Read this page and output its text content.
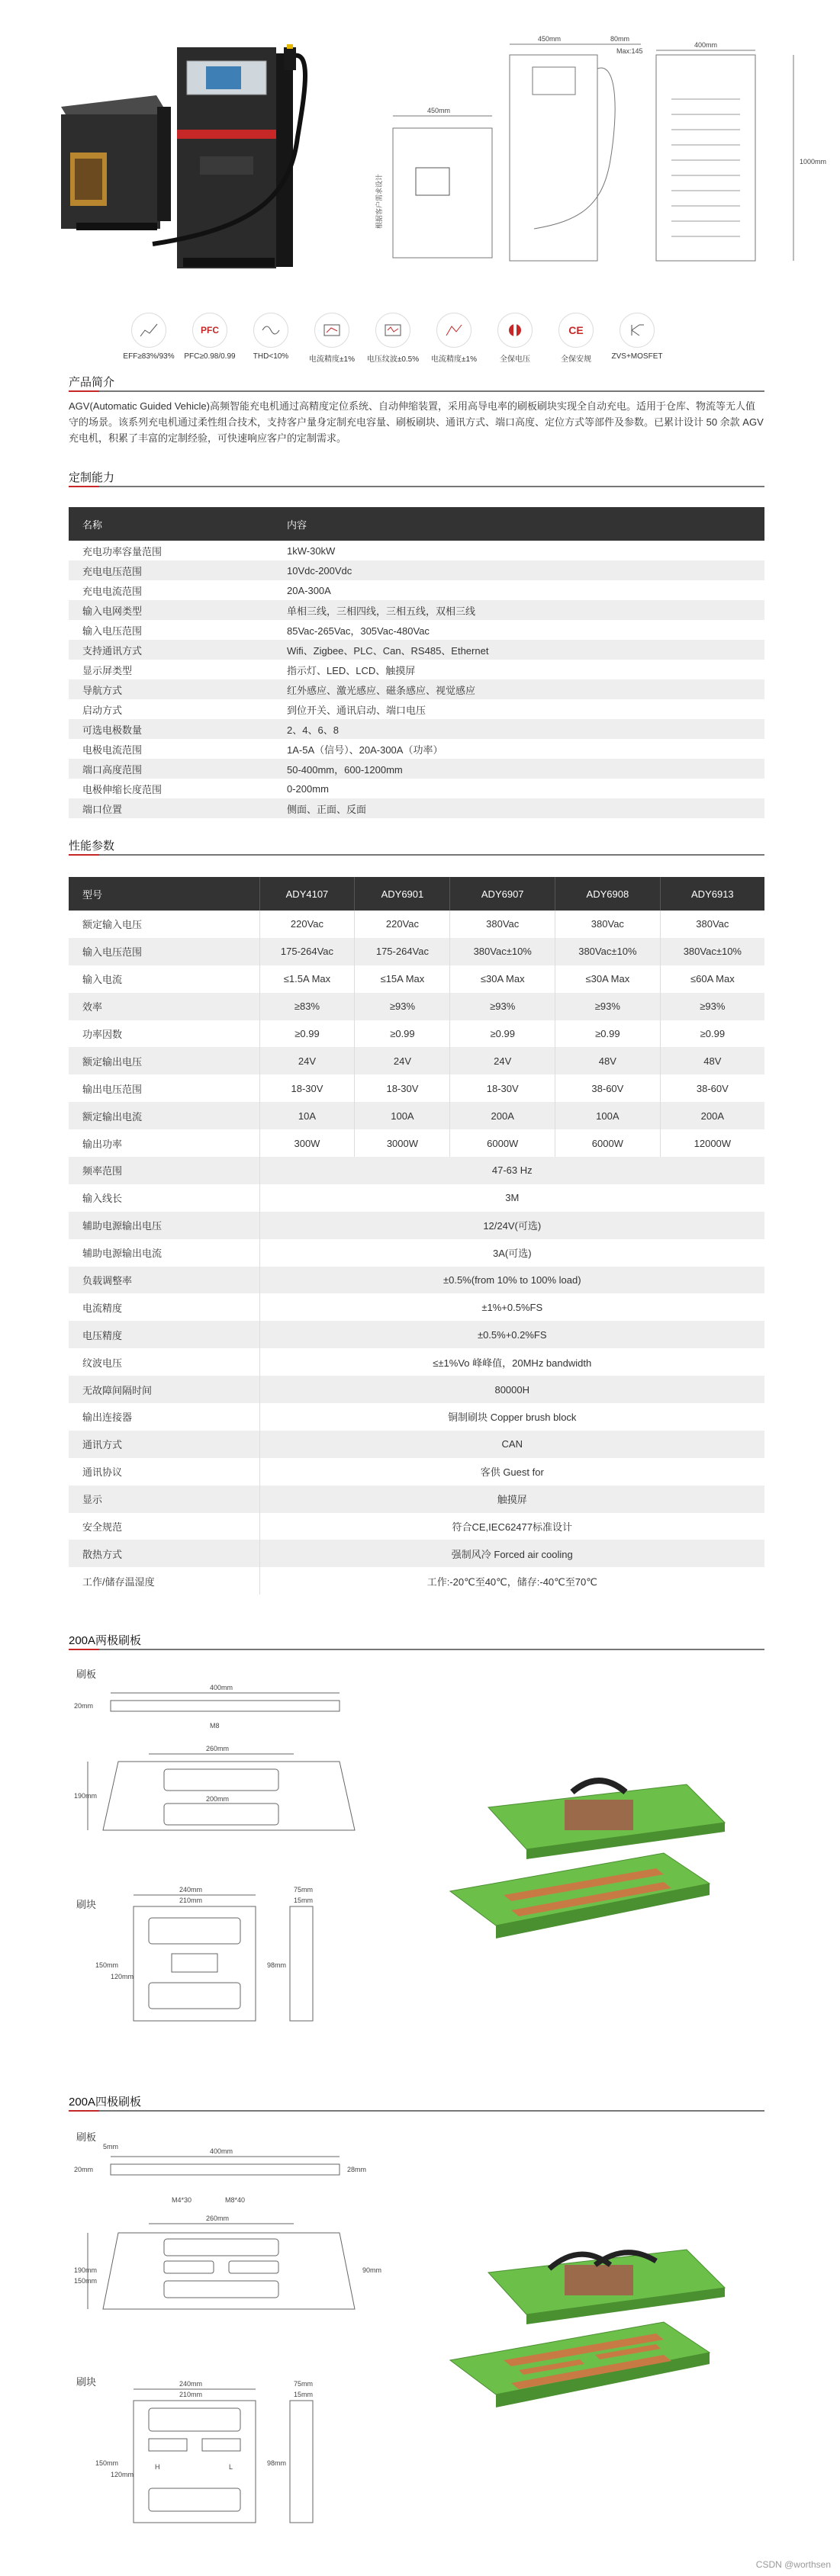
450mm	80mm
Max:145
400mm
450mm
1000mm
根据客户需求设计
EFF≥83%/93%
PFC
PFC≥0.98/0.99	THD<10%	电流精度±1%	电压纹波±0.5%	电流精度±1%	全保电压
CE
全保安规	ZVS+MOSFET
产品简介
AGV(Automatic Guided Vehicle)高频智能充电机通过高精度定位系统、自动伸缩装置，采用高导电率的刷板刷块实现全自动充电。适用于仓库、物流等无人值守的场景。该系列充电机通过柔性组合技术，支持客户量身定制充电容量、刷板刷块、通讯方式、端口高度、定位方式等部件及参数。已累计设计 50 余款 AGV 充电机，积累了丰富的定制经验，可快速响应客户的定制需求。
定制能力
名称	内容
充电功率容量范围	1kW-30kW
充电电压范围	10Vdc-200Vdc
充电电流范围	20A-300A
输入电网类型	单相三线，三相四线，三相五线，双相三线
输入电压范围	85Vac-265Vac，305Vac-480Vac
支持通讯方式	Wifi、Zigbee、PLC、Can、RS485、Ethernet
显示屏类型	指示灯、LED、LCD、触摸屏
导航方式	红外感应、激光感应、磁条感应、视觉感应
启动方式	到位开关、通讯启动、端口电压
可选电极数量	2、4、6、8
电极电流范围	1A-5A（信号）、20A-300A（功率）
端口高度范围	50-400mm，600-1200mm
电极伸缩长度范围	0-200mm
端口位置	侧面、正面、反面
性能参数
型号	ADY4107	ADY6901	ADY6907	ADY6908	ADY6913
额定输入电压	220Vac	220Vac	380Vac	380Vac	380Vac
输入电压范围	175-264Vac	175-264Vac	380Vac±10%	380Vac±10%	380Vac±10%
输入电流	≤1.5A Max	≤15A Max	≤30A Max	≤30A Max	≤60A Max
效率	≥83%	≥93%	≥93%	≥93%	≥93%
功率因数	≥0.99	≥0.99	≥0.99	≥0.99	≥0.99
额定输出电压	24V	24V	24V	48V	48V
输出电压范围	18-30V	18-30V	18-30V	38-60V	38-60V
额定输出电流	10A	100A	200A	100A	200A
输出功率	300W	3000W	6000W	6000W	12000W
频率范围	47-63 Hz				
输入线长	3M				
辅助电源输出电压	12/24V(可选)				
辅助电源输出电流	3A(可选)				
负载调整率	±0.5%(from 10% to 100% load)				
电流精度	±1%+0.5%FS				
电压精度	±0.5%+0.2%FS				
纹波电压	≤±1%Vo 峰峰值，20MHz bandwidth				
无故障间隔时间	80000H				
输出连接器	铜制刷块 Copper brush block				
通讯方式	CAN				
通讯协议	客供 Guest for				
显示	触摸屏				
安全规范	符合CE,IEC62477标准设计				
散热方式	强制风冷 Forced air cooling				
工作/储存温湿度	工作:-20℃至40℃，储存:-40℃至70℃				
200A两极刷板
刷板
刷块
400mm
260mm
200mm
190mm
M8
20mm
240mm
210mm
75mm
15mm
150mm
120mm
98mm
200A四极刷板
刷板
刷块
400mm
260mm
M4*30	M8*40
190mm
150mm
90mm
20mm
240mm
210mm
75mm
15mm
150mm
120mm
98mm
5mm
28mm
H	L
CSDN @worthsen
